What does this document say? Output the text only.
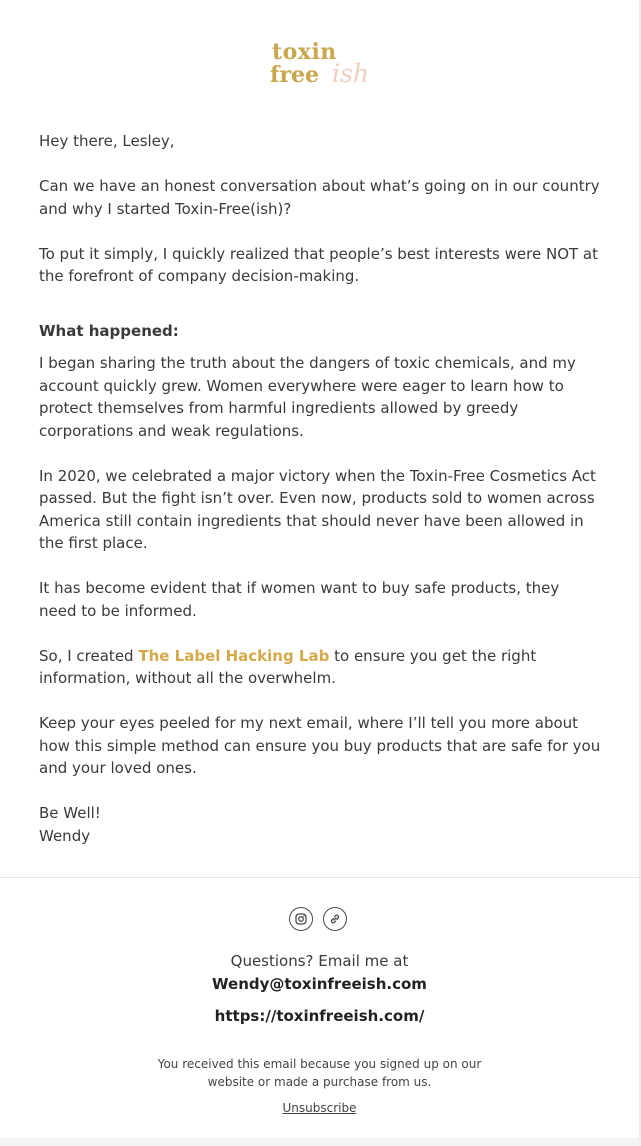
toxin
free ish

Hey there, Lesley,

Can we have an honest conversation about what’s going on in our country and why I started Toxin-Free(ish)?

To put it simply, I quickly realized that people’s best interests were NOT at the forefront of company decision-making.

What happened:

I began sharing the truth about the dangers of toxic chemicals, and my account quickly grew. Women everywhere were eager to learn how to protect themselves from harmful ingredients allowed by greedy corporations and weak regulations.

In 2020, we celebrated a major victory when the Toxin-Free Cosmetics Act passed. But the fight isn’t over. Even now, products sold to women across America still contain ingredients that should never have been allowed in the first place.

It has become evident that if women want to buy safe products, they need to be informed.

So, I created The Label Hacking Lab to ensure you get the right information, without all the overwhelm.

Keep your eyes peeled for my next email, where I’ll tell you more about how this simple method can ensure you buy products that are safe for you and your loved ones.

Be Well!
Wendy

Questions? Email me at
Wendy@toxinfreeish.com
https://toxinfreeish.com/
You received this email because you signed up on our website or made a purchase from us.
Unsubscribe
